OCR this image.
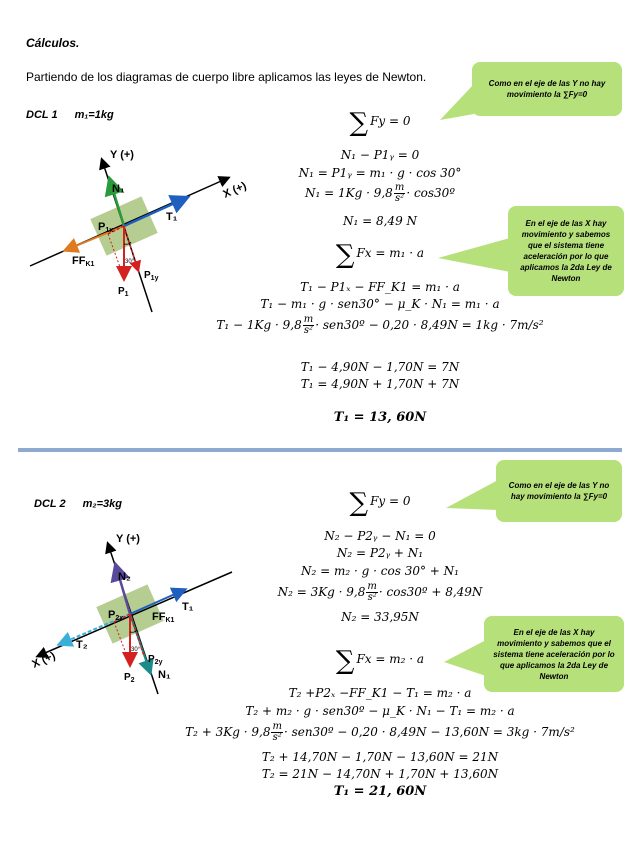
Cálculos.
Partiendo de los diagramas de cuerpo libre aplicamos las leyes de Newton.
DCL 1 m₁=1kg
Y (+)
X (+)
N₁
T₁
FFK1
P1x
$P_{1y}$
$P_1$
30°
Como en el eje de las Y no hay movimiento la ∑Fy=0
En el eje de las X hay movimiento y sabemos que el sistema tiene aceleración por lo que aplicamos la 2da Ley de Newton
∑ Fy = 0
N₁ − P1ᵧ = 0
N₁ = P1ᵧ = m₁ · g · cos 30°
$N_1 = 1Kg \cdot 9,8 \frac{m}{\text{s²}}$ · cos30º
N₁ = 8,49 N
∑ Fx = m₁ · a
T₁ − P1ₓ − FF_K1 = m₁ · a
T₁ − m₁ · g · sen30° − μ_K · N₁ = m₁ · a
$T_1 - 1Kg \cdot 9,8 \frac{m}{\text{s²}}$ · sen30º − 0,20 · 8,49N = 1kg · 7m/s²
T₁ − 4,90N − 1,70N = 7N
T₁ = 4,90N + 1,70N + 7N
T₁ = 13, 60N
DCL 2 m₂=3kg
Y (+)
X (+)
N₂
T₁
T₂
FFK1
P2x
$P_{2y}$
$P_2$ N₁
30°
Como en el eje de las Y no hay movimiento la ∑Fy=0
En el eje de las X hay movimiento y sabemos que el sistema tiene aceleración por lo que aplicamos la 2da Ley de Newton
∑ Fy = 0
N₂ − P2ᵧ − N₁ = 0
N₂ = P2ᵧ + N₁
N₂ = m₂ · g · cos 30° + N₁
$N_2 = 3Kg \cdot 9,8 \frac{m}{\text{s²}}$ · cos30º + 8,49N
N₂ = 33,95N
∑ Fx = m₂ · a
T₂ +P2ₓ −FF_K1 − T₁ = m₂ · a
T₂ + m₂ · g · sen30º − μ_K · N₁ − T₁ = m₂ · a
$T_2 + 3Kg \cdot 9,8 \frac{m}{\text{s²}}$ · sen30º − 0,20 · 8,49N − 13,60N = 3kg · 7m/s²
T₂ + 14,70N − 1,70N − 13,60N = 21N
T₂ = 21N − 14,70N + 1,70N + 13,60N
T₁ = 21, 60N
